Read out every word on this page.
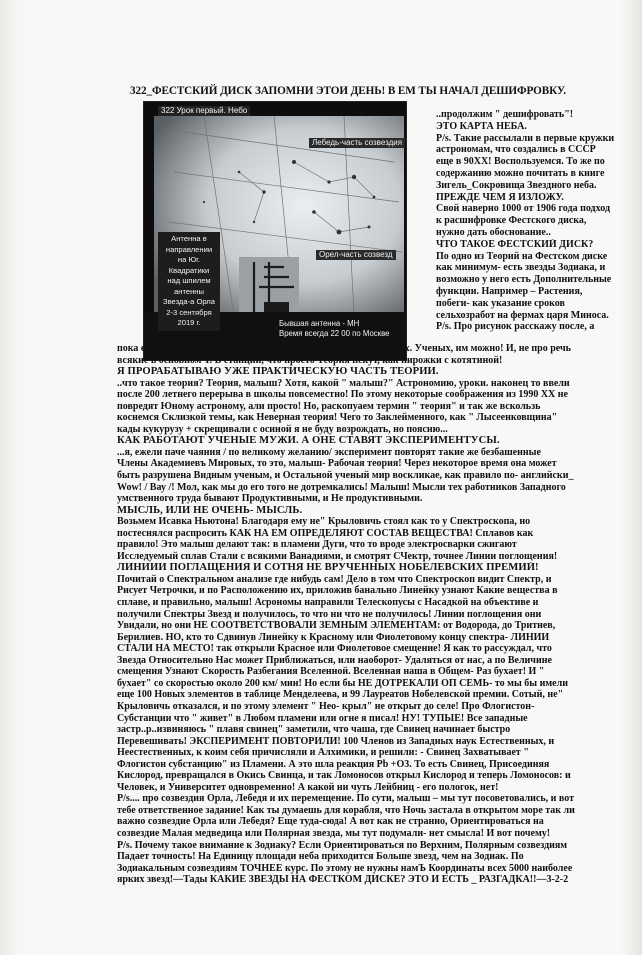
322_ФЕСТСКИЙ ДИСК ЗАПОМНИ ЭТОИ ДЕНЬ! В ЕМ ТЫ НАЧАЛ ДЕШИФРОВКУ.
322 Урок первый. Небо
Лебедь-часть созвездия
Антенна в
направлении
на Юг.
Квадратики
над шпилем
антенны
Звезда-а Орла
2-3 сентября
2019 г.
Орел-часть созвезд
Бывшая антенна - МН
Время всегда 22 00 по Москве
..продолжим " дешифровать"!
ЭТО КАРТА НЕБА.
P/s. Такие рассылали в первые кружки
астрономам, что создались в СССР
еще в 90ХХ! Воспользуемся. То же по
содержанию можно почитать в книге
Зигель_Сокровища Звездного неба.
ПРЕЖДЕ ЧЕМ Я ИЗЛОЖУ.
Свой наверно 1000 от 1906 года подход
к расшифровке Фестского диска,
нужно дать обоснование..
ЧТО ТАКОЕ ФЕСТСКИЙ ДИСК?
По одно из Теорий на Фестском диске
как минимум- есть звезды Зодиака, и
возможно у него есть Дополнительные
функции. Например – Растения,
побеги- как указание сроков
сельхозработ на фермах царя Миноса.
P/s. Про рисунок расскажу после, а
пока еще об Теориях, и Не очень теориях, то есть- Заблуждениях. Ученых, им можно! И, не про речь
всякие в основном Т. В станции, что просто Теория пекут, как пирожки с котятиной!
Я ПРОРАБАТЫВАЮ УЖЕ ПРАКТИЧЕСКУЮ ЧАСТЬ ТЕОРИИ.
..что такое теория? Теория, малыш? Хотя, какой " малыш?" Астрономию, уроки. наконец то ввели
после 200 летнего перерыва в школы повсеместно! По этому некоторые соображения из 1990 ХХ не
повредят Юному астроному, али просто! Но, раскопуаем термин " теория" и так же вскользь
коснемся Склизкой темы, как Неверная теория! Чего то Заклейменного, как " Лысеенковщина"
кады кукурузу + скрещивали с осиной я не буду возрождать, но поясню...
КАК РАБОТАЮТ УЧЕНЫЕ МУЖИ. А ОНЕ СТАВЯТ ЭКСПЕРИМЕНТУСЫ.
...я, ежели паче чаяния / по великому желанию/ эксперимент повторят такие же безбашенные
Члены Академиевъ Мировых, то это, малыш- Рабочая теория! Через некоторое время она может
быть разрушена Видным ученым, и Остальной ученый мир воскликае, как правило по- английски_
Wow! / Вау /! Мол, как мы до его того не дотремкались! Малыш! Мысли тех работников Западного
умственного труда бывают Продуктивными, и Не продуктивными.
МЫСЛЬ, ИЛИ НЕ ОЧЕНЬ- МЫСЛЬ.
Возьмем Исавка Ньютона! Благодаря ему не" Крыловичь стоял как то у Спектроскопа, но
постеснялся распросить КАК НА ЕМ ОПРЕДЕЛЯЮТ СОСТАВ ВЕЩЕСТВА! Сплавов как
правило! Это малыш делают так: в пламени Дуги, что то вроде электросварки сжигают
Исследуемый сплав Стали с всякими Ванадиями, и смотрят СЧектр, точнее Линии поглощения!
ЛИНИИИ ПОГЛАЩЕНИЯ И СОТНЯ НЕ ВРУЧЕННЫХ НОБЕЛЕВСКИХ ПРЕМИЙ!
Почитай о Спектральном анализе где нибудь сам! Дело в том что Спектроскоп видит Спектр, и
Рисует Четрочки, и по Расположению их, приложив банально Линейку узнают Какие вещества в
сплаве, и правильно, малыш! Асрономы направили Телескопусы с Насадкой на объективе и
получили Спектры Звезд и получилось, то что ни что не получилось! Линии поглощения они
Увидали, но они НЕ СООТВЕТСТВОВАЛИ ЗЕМНЫМ ЭЛЕМЕНТАМ: от Водорода, до Тритнев,
Берилиев. НО, кто то Сдвинув Линейку к Красному или Фиолетовому концу спектра- ЛИНИИ
СТАЛИ НА МЕСТО! так открыли Красное или Фиолетовое смещение! Я как то рассуждал, что
Звезда Относительно Нас может Приближаться, или наоборот- Удаляться от нас, а по Величине
смещения Узнают Скорость Разбегания Вселенной. Вселенная наша в Общем- Раз бухает! И "
бухает" со скоростью около 200 км/ мин! Но если бы НЕ ДОТРЕКАЛИ ОП СЕМЬ- то мы бы имели
еще 100 Новых элементов в таблице Менделеева, и 99 Лауреатов Нобелевской премии. Сотый, не"
Крыловичь отказался, и по этому элемент " Нео- крыл" не открыт до селе! Про Флогистон-
Субстанции что " живет" в Любом пламени или огне я писал! НУ! ТУПЫЕ! Все западные
застр..р..извиняюсь " плавя свинец" заметили, что чаша, где Свинец начинает быстро
Перевешивать! ЭКСПЕРИМЕНТ ПОВТОРИЛИ! 100 Членов из Западных наук Естественных, и
Неестественных, к коим себя причисляли и Алхимики, и решили: - Свинец Захватывает "
Флогистон субстанцию" из Пламени. А это шла реакция Pb +O3. То есть Свинец, Присоединяя
Кислород, превращался в Окись Свинца, и так Ломоносов открыл Кислород и теперь Ломоносов: и
Человек, и Университет одновременно! А какой ни чуть Лейбниц - его пологок, нет!
P/s.... про созвездия Орла, Лебедя и их перемещение. По сути, малыш – мы тут посоветовались, и вот
тебе ответственное задание! Как ты думаешь для корабля, что Ночь застала в открытом море так ли
важно созвездие Орла или Лебедя? Еще туда-сюда! А вот как не странно, Ориентироваться на
созвездие Малая медведица или Полярная звезда, мы тут подумали- нет смысла! И вот почему!
P/s. Почему такое внимание к Зодиаку? Если Ориентироваться по Верхним, Полярным созвездиям
Падает точность! На Единицу площади неба приходится Больше звезд, чем на Зодиак. По
Зодиакальным созвездиям ТОЧНЕЕ курс. По этому не нужны намЪ Координаты всех 5000 наиболее
ярких звезд!—Тады КАКИЕ ЗВЕЗДЫ НА ФЕСТКОМ ДИСКЕ? ЭТО И ЕСТЬ _ РАЗГАДКА!!—3-2-2
